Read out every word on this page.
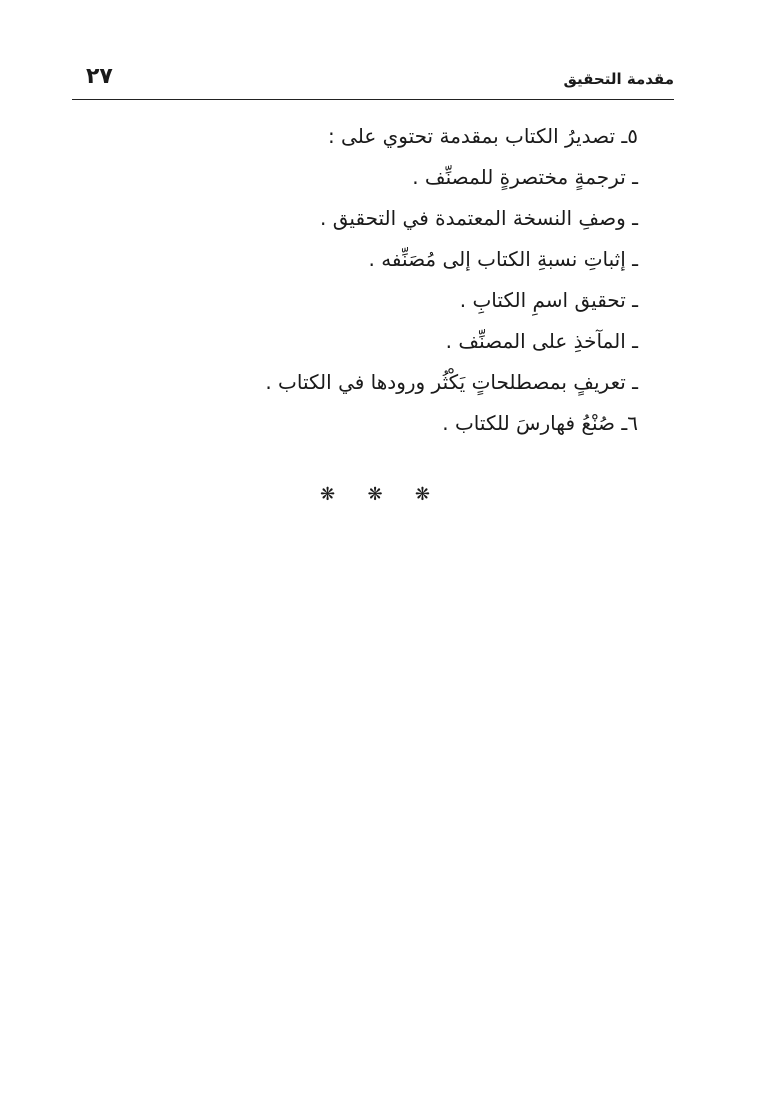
مقدمة التحقيق
٢٧
٥ـ تصديرُ الكتاب بمقدمة تحتوي على :
ـ ترجمةٍ مختصرةٍ للمصنِّف .
ـ وصفِ النسخة المعتمدة في التحقيق .
ـ إثباتِ نسبةِ الكتاب إلى مُصَنِّفه .
ـ تحقيق اسمِ الكتابِ .
ـ المآخذِ على المصنِّف .
ـ تعريفٍ بمصطلحاتٍ يَكْثُر ورودها في الكتاب .
٦ـ صُنْعُ فهارسَ للكتاب .
❋ ❋ ❋
